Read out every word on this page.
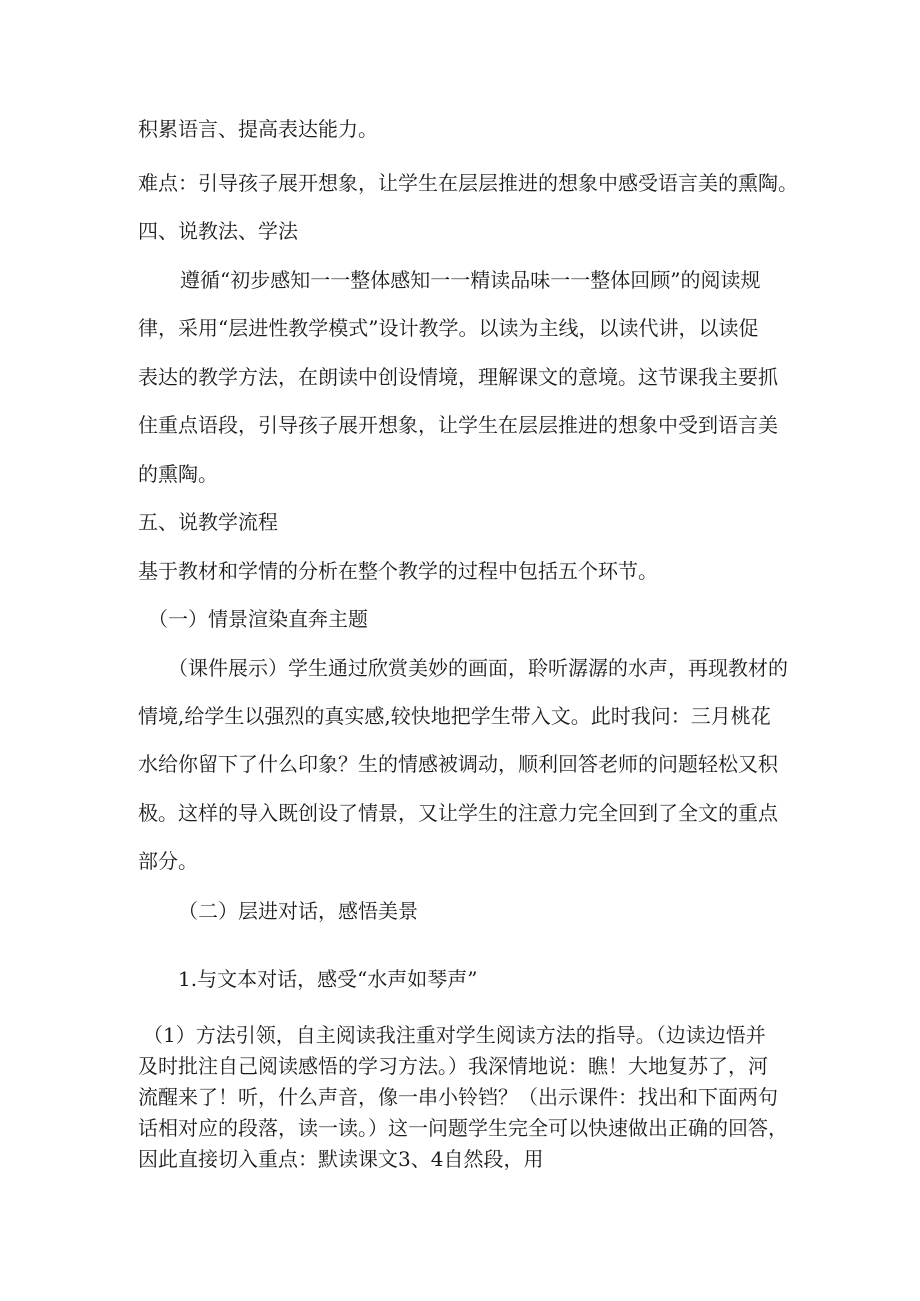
积累语言、提高表达能力。

难点：引导孩子展开想象，让学生在层层推进的想象中感受语言美的熏陶。

四、说教法、学法

遵循“初步感知一一整体感知一一精读品味一一整体回顾”的阅读规

律，采用“层进性教学模式”设计教学。以读为主线，以读代讲，以读促

表达的教学方法，在朗读中创设情境，理解课文的意境。这节课我主要抓

住重点语段，引导孩子展开想象，让学生在层层推进的想象中受到语言美

的熏陶。

五、说教学流程

基于教材和学情的分析在整个教学的过程中包括五个环节。

（一）情景渲染直奔主题

（课件展示）学生通过欣赏美妙的画面，聆听潺潺的水声，再现教材的

情境,给学生以强烈的真实感,较快地把学生带入文。此时我问：三月桃花

水给你留下了什么印象？生的情感被调动，顺利回答老师的问题轻松又积

极。这样的导入既创设了情景，又让学生的注意力完全回到了全文的重点

部分。

（二）层进对话，感悟美景

1.与文本对话，感受“水声如琴声”

（1）方法引领，自主阅读我注重对学生阅读方法的指导。（边读边悟并

及时批注自己阅读感悟的学习方法。）我深情地说：瞧！大地复苏了，河

流醒来了！听，什么声音，像一串小铃铛？（出示课件：找出和下面两句

话相对应的段落，读一读。）这一问题学生完全可以快速做出正确的回答，

因此直接切入重点：默读课文3、4自然段，用
